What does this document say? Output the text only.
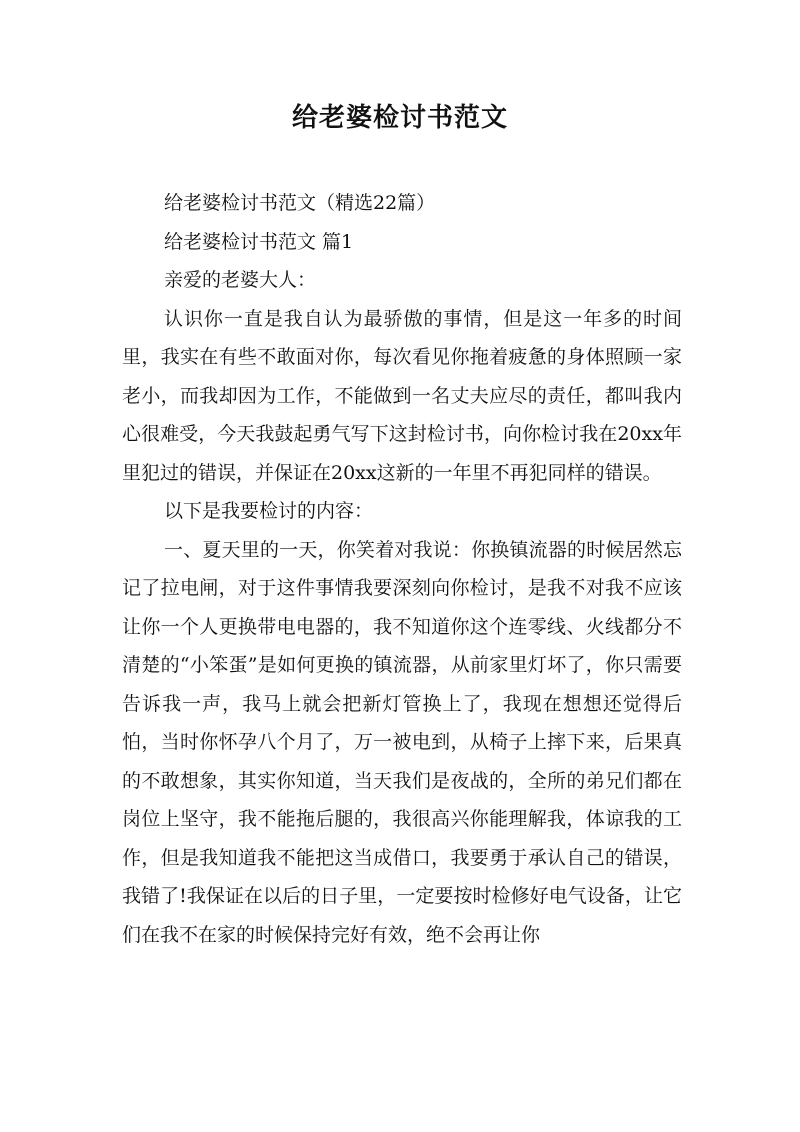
给老婆检讨书范文

给老婆检讨书范文（精选22篇）

给老婆检讨书范文 篇1

亲爱的老婆大人：

认识你一直是我自认为最骄傲的事情，但是这一年多的时间里，我实在有些不敢面对你，每次看见你拖着疲惫的身体照顾一家老小，而我却因为工作，不能做到一名丈夫应尽的责任，都叫我内心很难受，今天我鼓起勇气写下这封检讨书，向你检讨我在20xx年里犯过的错误，并保证在20xx这新的一年里不再犯同样的错误。

以下是我要检讨的内容：

一、夏天里的一天，你笑着对我说：你换镇流器的时候居然忘记了拉电闸，对于这件事情我要深刻向你检讨，是我不对我不应该让你一个人更换带电电器的，我不知道你这个连零线、火线都分不清楚的“小笨蛋”是如何更换的镇流器，从前家里灯坏了，你只需要告诉我一声，我马上就会把新灯管换上了，我现在想想还觉得后怕，当时你怀孕八个月了，万一被电到，从椅子上摔下来，后果真的不敢想象，其实你知道，当天我们是夜战的，全所的弟兄们都在岗位上坚守，我不能拖后腿的，我很高兴你能理解我，体谅我的工作，但是我知道我不能把这当成借口，我要勇于承认自己的错误，我错了!我保证在以后的日子里，一定要按时检修好电气设备，让它们在我不在家的时候保持完好有效，绝不会再让你
